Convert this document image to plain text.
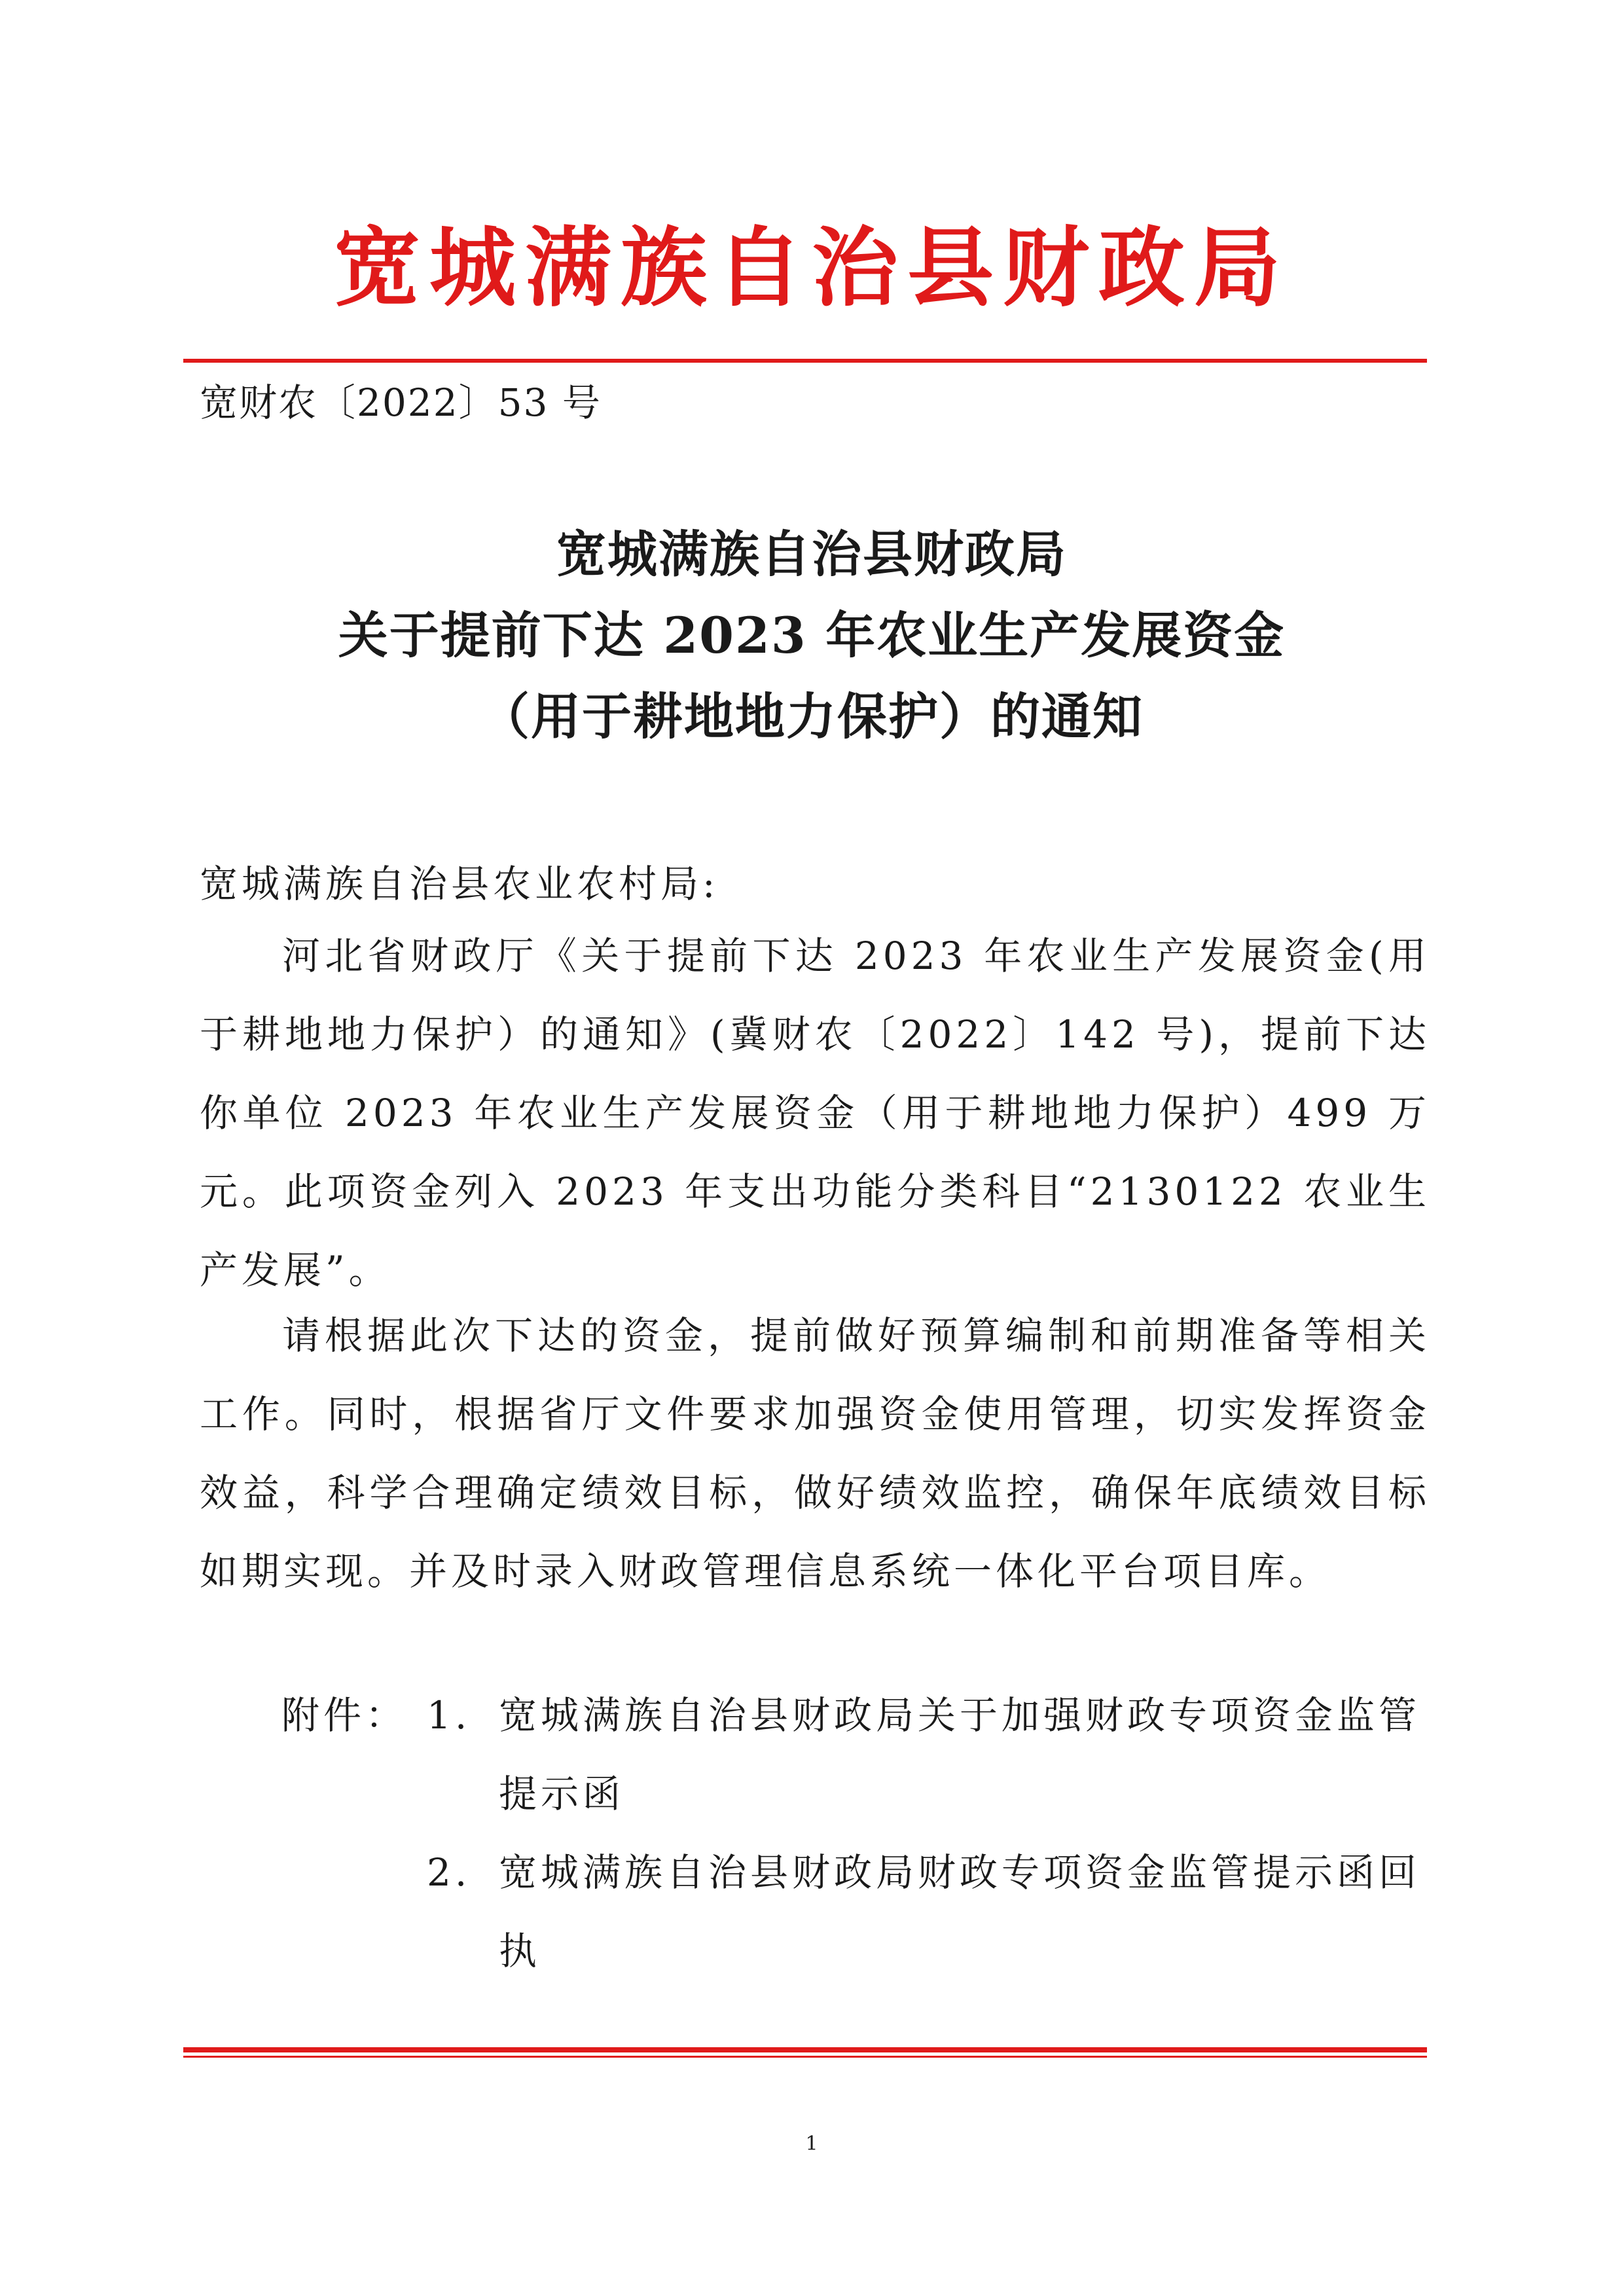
宽城满族自治县财政局
宽财农〔2022〕53 号
宽城满族自治县财政局
关于提前下达 2023 年农业生产发展资金
（用于耕地地力保护）的通知
宽城满族自治县农业农村局:
河北省财政厅《关于提前下达 2023 年农业生产发展资金(用于耕地地力保护）的通知》(冀财农〔2022〕142 号)，提前下达你单位 2023 年农业生产发展资金（用于耕地地力保护）499 万元。此项资金列入 2023 年支出功能分类科目“2130122 农业生产发展”。
请根据此次下达的资金，提前做好预算编制和前期准备等相关工作。同时，根据省厅文件要求加强资金使用管理，切实发挥资金效益，科学合理确定绩效目标，做好绩效监控，确保年底绩效目标如期实现。并及时录入财政管理信息系统一体化平台项目库。
附件： 1. 宽城满族自治县财政局关于加强财政专项资金监管提示函
2. 宽城满族自治县财政局财政专项资金监管提示函回执
1
